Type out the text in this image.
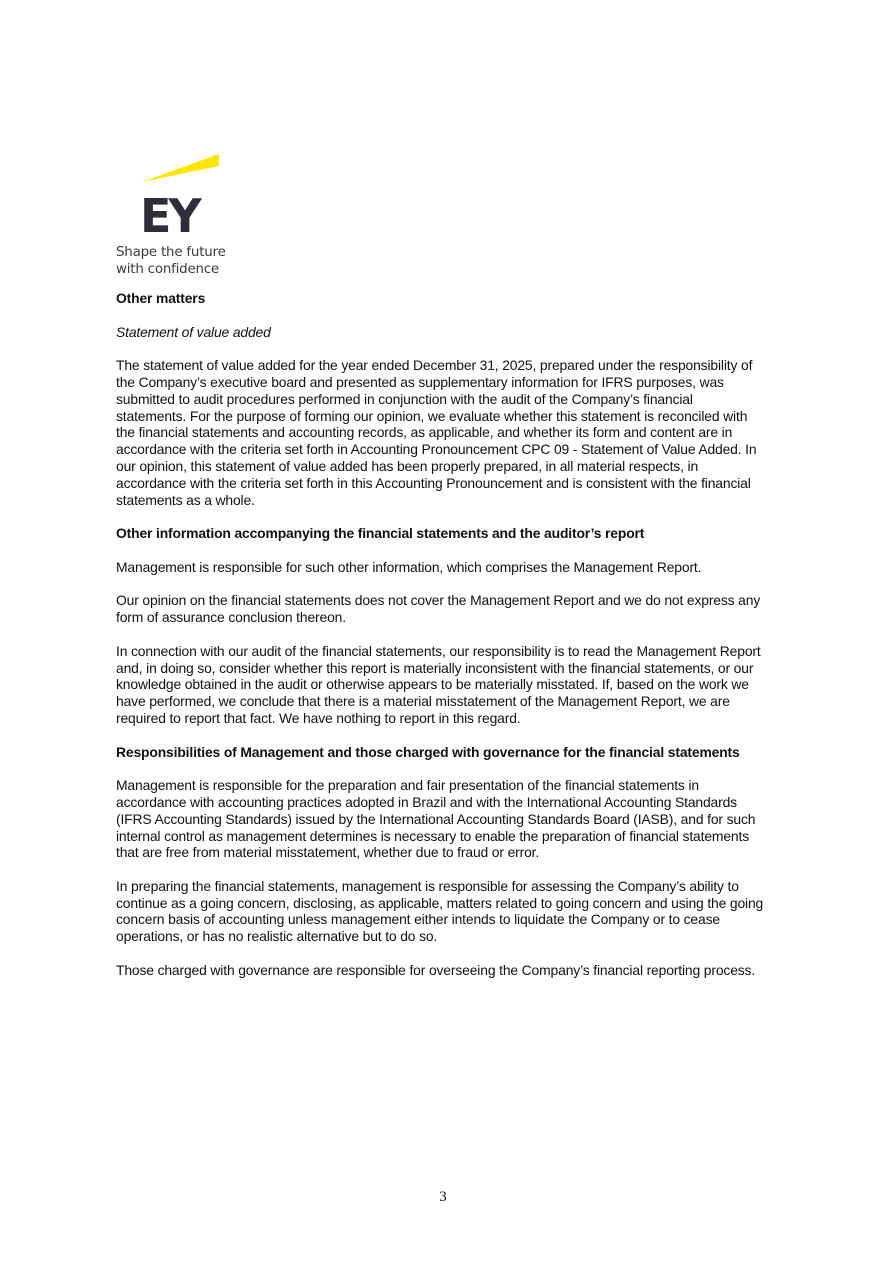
EY
Shape the future
with confidence
Other matters
Statement of value added

The statement of value added for the year ended December 31, 2025, prepared under the responsibility of the Company’s executive board and presented as supplementary information for IFRS purposes, was submitted to audit procedures performed in conjunction with the audit of the Company’s financial statements. For the purpose of forming our opinion, we evaluate whether this statement is reconciled with the financial statements and accounting records, as applicable, and whether its form and content are in accordance with the criteria set forth in Accounting Pronouncement CPC 09 - Statement of Value Added. In our opinion, this statement of value added has been properly prepared, in all material respects, in accordance with the criteria set forth in this Accounting Pronouncement and is consistent with the financial statements as a whole.

Other information accompanying the financial statements and the auditor’s report

Management is responsible for such other information, which comprises the Management Report.

Our opinion on the financial statements does not cover the Management Report and we do not express any form of assurance conclusion thereon.

In connection with our audit of the financial statements, our responsibility is to read the Management Report and, in doing so, consider whether this report is materially inconsistent with the financial statements, or our knowledge obtained in the audit or otherwise appears to be materially misstated. If, based on the work we have performed, we conclude that there is a material misstatement of the Management Report, we are required to report that fact. We have nothing to report in this regard.

Responsibilities of Management and those charged with governance for the financial statements

Management is responsible for the preparation and fair presentation of the financial statements in accordance with accounting practices adopted in Brazil and with the International Accounting Standards (IFRS Accounting Standards) issued by the International Accounting Standards Board (IASB), and for such internal control as management determines is necessary to enable the preparation of financial statements that are free from material misstatement, whether due to fraud or error.

In preparing the financial statements, management is responsible for assessing the Company’s ability to continue as a going concern, disclosing, as applicable, matters related to going concern and using the going concern basis of accounting unless management either intends to liquidate the Company or to cease operations, or has no realistic alternative but to do so.

Those charged with governance are responsible for overseeing the Company’s financial reporting process.

3
